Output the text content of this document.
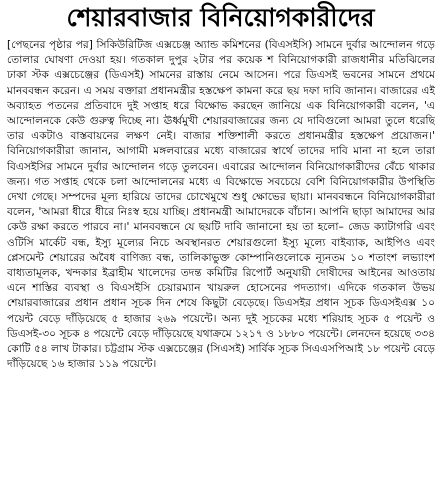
শেয়ারবাজার বিনিয়োগকারীদের

[পেছনের পৃষ্ঠার পর] সিকিউরিটিজ এক্সচেঞ্জ অ্যান্ড কমিশনের (বিএসইসি) সামনে দুর্বার আন্দোলন গড়ে তোলার ঘোষণা দেওয়া হয়। গতকাল দুপুর ২টার পর কয়েক শ বিনিয়োগকারী রাজধানীর মতিঝিলের ঢাকা স্টক এক্সচেঞ্জের (ডিএসই) সামনের রাস্তায় নেমে আসেন। পরে ডিএসই ভবনের সামনে প্রথমে মানববন্ধন করেন। এ সময় বক্তারা প্রধানমন্ত্রীর হস্তক্ষেপ কামনা করে ছয় দফা দাবি জানান। বাজারের এই অব্যাহত পতনের প্রতিবাদে দুই সপ্তাহ ধরে বিক্ষোভ করছেন জানিয়ে এক বিনিয়োগকারী বলেন, 'এ আন্দোলনকে কেউ গুরুত্ব দিচ্ছে না। ঊর্ধ্বমুখী শেয়ারবাজারের জন্য যে দাবিগুলো আমরা তুলে ধরেছি তার একটাও বাস্তবায়নের লক্ষণ নেই। বাজার শক্তিশালী করতে প্রধানমন্ত্রীর হস্তক্ষেপ প্রয়োজন।' বিনিয়োগকারীরা জানান, আগামী মঙ্গলবারের মধ্যে বাজারের স্বার্থে তাদের দাবি মানা না হলে তারা বিএসইসির সামনে দুর্বার আন্দোলন গড়ে তুলবেন। এবারের আন্দোলন বিনিয়োগকারীদের বেঁচে থাকার জন্য। গত সপ্তাহ থেকে চলা আন্দোলনের মধ্যে এ বিক্ষোভে সবচেয়ে বেশি বিনিয়োগকারীর উপস্থিতি দেখা গেছে। সম্পদের মূল্য হারিয়ে তাদের চোখেমুখে শুধু ক্ষোভের ছায়া। মানববন্ধনে বিনিয়োগকারীরা বলেন, 'আমরা ধীরে ধীরে নিঃস্ব হয়ে যাচ্ছি। প্রধানমন্ত্রী আমাদেরকে বাঁচান। আপনি ছাড়া আমাদের আর কেউ রক্ষা করতে পারবে না।' মানববন্ধনে যে ছয়টি দাবি জানানো হয় তা হলো– জেড ক্যাটাগরি এবং ওটিসি মার্কেট বন্ধ, ইস্যু মূল্যের নিচে অবস্থানরত শেয়ারগুলো ইস্যু মূল্যে বাইব্যাক, আইপিও এবং প্লেসমেন্ট শেয়ারের অবৈধ বাণিজ্য বন্ধ, তালিকাভুক্ত কোম্পানিগুলোকে ন্যূনতম ১০ শতাংশ লভ্যাংশ বাধ্যতামূলক, খন্দকার ইব্রাহীম খালেদের তদন্ত কমিটির রিপোর্ট অনুযায়ী দোষীদের আইনের আওতায় এনে শাস্তির ব্যবস্থা ও বিএসইসি চেয়ারম্যান খায়রুল হোসেনের পদত্যাগ। এদিকে গতকাল উভয় শেয়ারবাজারের প্রধান প্রধান সূচক দিন শেষে কিছুটা বেড়েছে। ডিএসইর প্রধান সূচক ডিএসইএক্স ১০ পয়েন্ট বেড়ে দাঁড়িয়েছে ৫ হাজার ২৬৯ পয়েন্টে। অন্য দুই সূচকের মধ্যে শরিয়াহ সূচক ৫ পয়েন্ট ও ডিএসই-৩০ সূচক ৪ পয়েন্টে বেড়ে দাঁড়িয়েছে যথাক্রমে ১২১৭ ও ১৮৮০ পয়েন্টে। লেনদেন হয়েছে ৩৩৪ কোটি ৫৪ লাখ টাকার। চট্টগ্রাম স্টক এক্সচেঞ্জের (সিএসই) সার্বিক সূচক সিএএসপিআই ১৮ পয়েন্ট বেড়ে দাঁড়িয়েছে ১৬ হাজার ১১৯ পয়েন্টে।
